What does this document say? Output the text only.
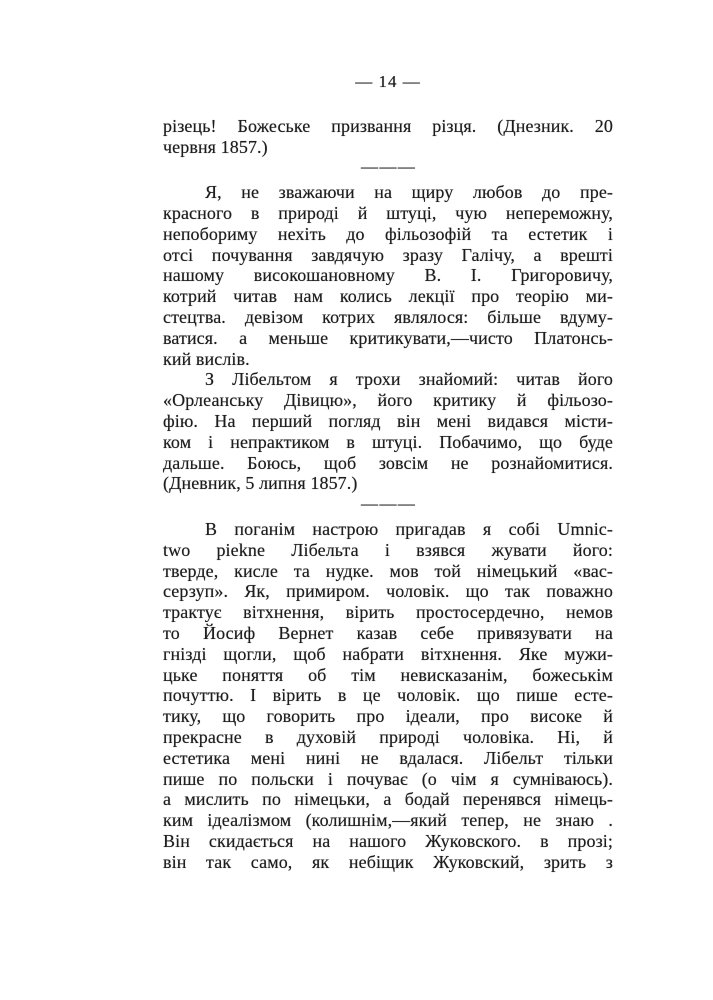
— 14 —
різець! Божеське призвання різця. (Днезник. 20
червня 1857.)
— — —
Я, не зважаючи на щиру любов до пре-
красного в природі й штуці, чую непереможну,
непобориму нехіть до фільозофій та естетик і
отсі почування завдячую зразу Галічу, а врешті
нашому високошановному В. І. Григоровичу,
котрий читав нам колись лекції про теорію ми-
стецтва. девізом котрих являлося: більше вдуму-
ватися. а меньше критикувати,—чисто Платонсь-
кий вислів.
З Лібельтом я трохи знайомий: читав його
«Орлеанську Дівицю», його критику й фільозо-
фію. На перший погляд він мені видався місти-
ком і непрактиком в штуці. Побачимо, що буде
дальше. Боюсь, щоб зовсім не рознайомитися.
(Дневник, 5 липня 1857.)
— — —
В поганім настрою пригадав я собі Umnic-
two piekne Лібельта і взявся жувати його:
тверде, кисле та нудке. мов той німецький «вас-
серзуп». Як, примиром. чоловік. що так поважно
трактує вітхнення, вірить простосердечно, немов
то Йосиф Вернет казав себе привязувати на
гнізді щогли, щоб набрати вітхнення. Яке мужи-
цьке поняття об тім невисказанім, божеськім
почуттю. І вірить в це чоловік. що пише есте-
тику, що говорить про ідеали, про високе й
прекрасне в духовій природі чоловіка. Ні, й
естетика мені нині не вдалася. Лібельт тільки
пише по польски і почуває (о чім я сумніваюсь).
а мислить по німецьки, а бодай перенявся німець-
ким ідеалізмом (колишнім,—який тепер, не знаю .
Він скидається на нашого Жуковского. в прозі;
він так само, як небіщик Жуковский, зрить з
